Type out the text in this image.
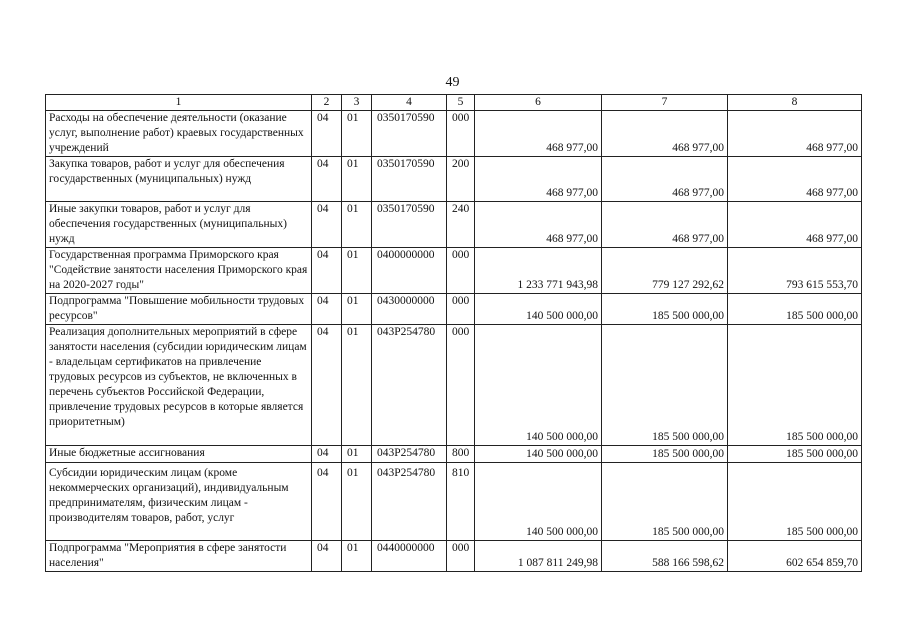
49
1	2	3	4	5	6	7	8
Расходы на обеспечение деятельности (оказание услуг, выполнение работ) краевых государственных учреждений	04	01	0350170590	000	468 977,00	468 977,00	468 977,00
Закупка товаров, работ и услуг для обеспечения государственных (муниципальных) нужд	04	01	0350170590	200	468 977,00	468 977,00	468 977,00
Иные закупки товаров, работ и услуг для обеспечения государственных (муниципальных) нужд	04	01	0350170590	240	468 977,00	468 977,00	468 977,00
Государственная программа Приморского края "Содействие занятости населения Приморского края на 2020-2027 годы"	04	01	0400000000	000	1 233 771 943,98	779 127 292,62	793 615 553,70
Подпрограмма "Повышение мобильности трудовых ресурсов"	04	01	0430000000	000	140 500 000,00	185 500 000,00	185 500 000,00
Реализация дополнительных мероприятий в сфере занятости населения (субсидии юридическим лицам - владельцам сертификатов на привлечение трудовых ресурсов из субъектов, не включенных в перечень субъектов Российской Федерации, привлечение трудовых ресурсов в которые является приоритетным)	04	01	043P254780	000	140 500 000,00	185 500 000,00	185 500 000,00
Иные бюджетные ассигнования	04	01	043P254780	800	140 500 000,00	185 500 000,00	185 500 000,00
Субсидии юридическим лицам (кроме некоммерческих организаций), индивидуальным предпринимателям, физическим лицам - производителям товаров, работ, услуг	04	01	043P254780	810	140 500 000,00	185 500 000,00	185 500 000,00
Подпрограмма "Мероприятия в сфере занятости населения"	04	01	0440000000	000	1 087 811 249,98	588 166 598,62	602 654 859,70
